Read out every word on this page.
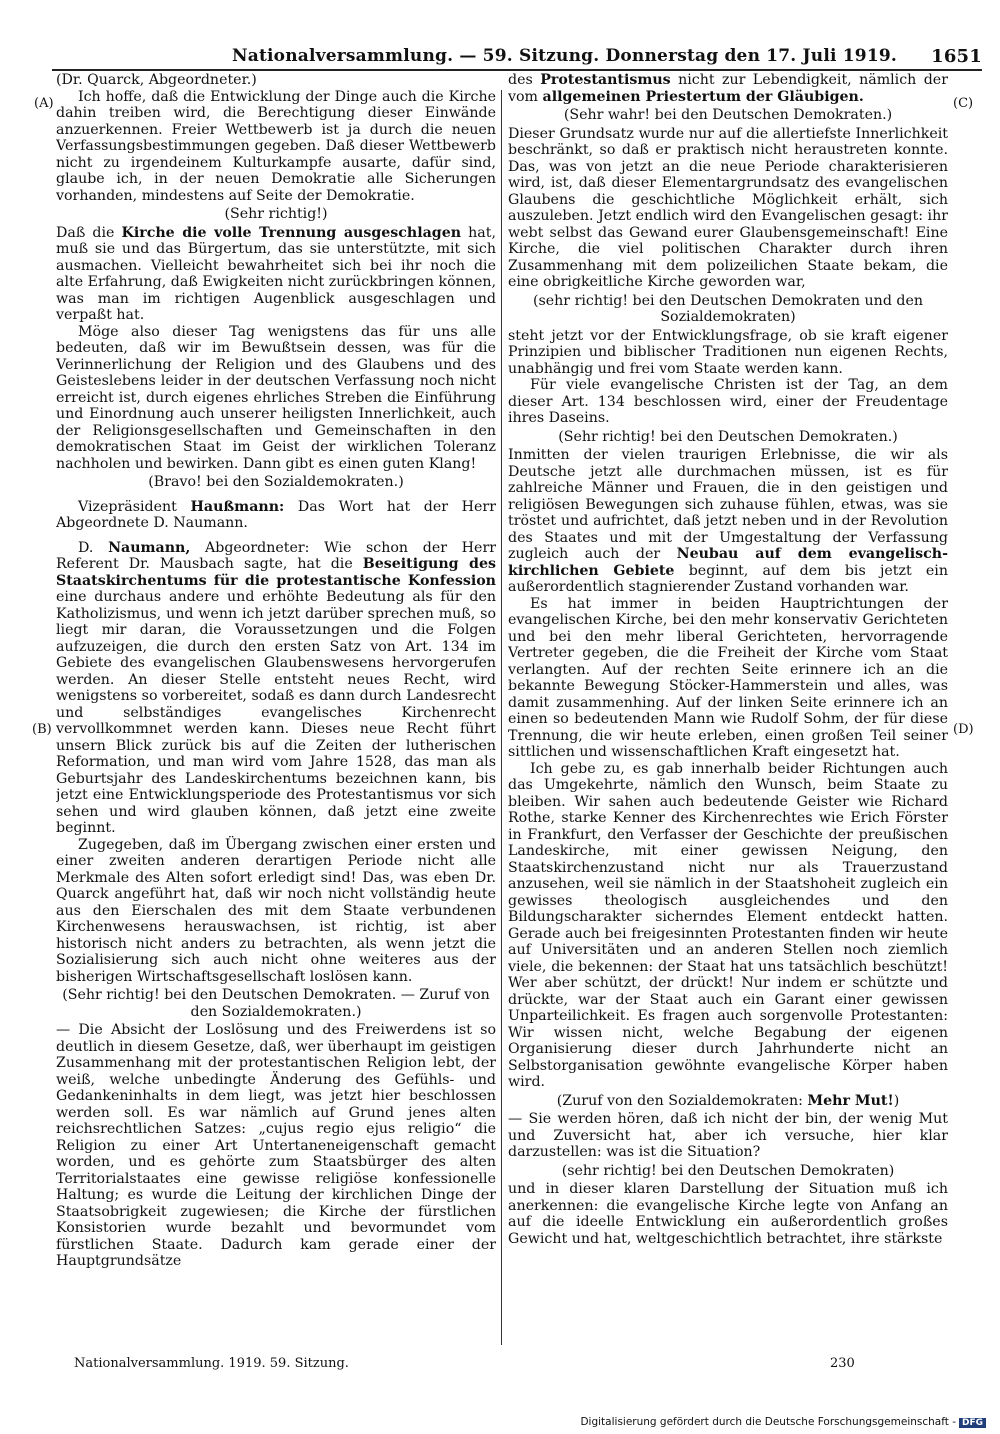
Nationalversammlung. — 59. Sitzung. Donnerstag den 17. Juli 1919. 1651
(A)
(B)
(C)
(D)

(Dr. Quarck, Abgeordneter.)

Ich hoffe, daß die Entwicklung der Dinge auch die Kirche dahin treiben wird, die Berechtigung dieser Einwände anzuerkennen. Freier Wettbewerb ist ja durch die neuen Verfassungsbestimmungen gegeben. Daß dieser Wettbewerb nicht zu irgendeinem Kulturkampfe ausarte, dafür sind, glaube ich, in der neuen Demokratie alle Sicherungen vorhanden, mindestens auf Seite der Demokratie.

(Sehr richtig!)

Daß die Kirche die volle Trennung ausgeschlagen hat, muß sie und das Bürgertum, das sie unterstützte, mit sich ausmachen. Vielleicht bewahrheitet sich bei ihr noch die alte Erfahrung, daß Ewigkeiten nicht zurückbringen können, was man im richtigen Augenblick ausgeschlagen und verpaßt hat.

Möge also dieser Tag wenigstens das für uns alle bedeuten, daß wir im Bewußtsein dessen, was für die Verinnerlichung der Religion und des Glaubens und des Geisteslebens leider in der deutschen Verfassung noch nicht erreicht ist, durch eigenes ehrliches Streben die Einführung und Einordnung auch unserer heiligsten Innerlichkeit, auch der Religionsgesellschaften und Gemeinschaften in den demokratischen Staat im Geist der wirklichen Toleranz nachholen und bewirken. Dann gibt es einen guten Klang!

(Bravo! bei den Sozialdemokraten.)

Vizepräsident Haußmann: Das Wort hat der Herr Abgeordnete D. Naumann.

D. Naumann, Abgeordneter: Wie schon der Herr Referent Dr. Mausbach sagte, hat die Beseitigung des Staatskirchentums für die protestantische Konfession eine durchaus andere und erhöhte Bedeutung als für den Katholizismus, und wenn ich jetzt darüber sprechen muß, so liegt mir daran, die Voraussetzungen und die Folgen aufzuzeigen, die durch den ersten Satz von Art. 134 im Gebiete des evangelischen Glaubenswesens hervorgerufen werden. An dieser Stelle entsteht neues Recht, wird wenigstens so vorbereitet, sodaß es dann durch Landesrecht und selbständiges evangelisches Kirchenrecht vervollkommnet werden kann. Dieses neue Recht führt unsern Blick zurück bis auf die Zeiten der lutherischen Reformation, und man wird vom Jahre 1528, das man als Geburtsjahr des Landeskirchentums bezeichnen kann, bis jetzt eine Entwicklungsperiode des Protestantismus vor sich sehen und wird glauben können, daß jetzt eine zweite beginnt.

Zugegeben, daß im Übergang zwischen einer ersten und einer zweiten anderen derartigen Periode nicht alle Merkmale des Alten sofort erledigt sind! Das, was eben Dr. Quarck angeführt hat, daß wir noch nicht vollständig heute aus den Eierschalen des mit dem Staate verbundenen Kirchenwesens herauswachsen, ist richtig, ist aber historisch nicht anders zu betrachten, als wenn jetzt die Sozialisierung sich auch nicht ohne weiteres aus der bisherigen Wirtschaftsgesellschaft loslösen kann.

(Sehr richtig! bei den Deutschen Demokraten. — Zuruf von den Sozialdemokraten.)

— Die Absicht der Loslösung und des Freiwerdens ist so deutlich in diesem Gesetze, daß, wer überhaupt im geistigen Zusammenhang mit der protestantischen Religion lebt, der weiß, welche unbedingte Änderung des Gefühls- und Gedankeninhalts in dem liegt, was jetzt hier beschlossen werden soll. Es war nämlich auf Grund jenes alten reichsrechtlichen Satzes: „cujus regio ejus religio“ die Religion zu einer Art Untertaneneigenschaft gemacht worden, und es gehörte zum Staatsbürger des alten Territorialstaates eine gewisse religiöse konfessionelle Haltung; es wurde die Leitung der kirchlichen Dinge der Staatsobrigkeit zugewiesen; die Kirche der fürstlichen Konsistorien wurde bezahlt und bevormundet vom fürstlichen Staate. Dadurch kam gerade einer der Hauptgrundsätze

des Protestantismus nicht zur Lebendigkeit, nämlich der vom allgemeinen Priestertum der Gläubigen.

(Sehr wahr! bei den Deutschen Demokraten.)

Dieser Grundsatz wurde nur auf die allertiefste Innerlichkeit beschränkt, so daß er praktisch nicht heraustreten konnte. Das, was von jetzt an die neue Periode charakterisieren wird, ist, daß dieser Elementargrundsatz des evangelischen Glaubens die geschichtliche Möglichkeit erhält, sich auszuleben. Jetzt endlich wird den Evangelischen gesagt: ihr webt selbst das Gewand eurer Glaubensgemeinschaft! Eine Kirche, die viel politischen Charakter durch ihren Zusammenhang mit dem polizeilichen Staate bekam, die eine obrigkeitliche Kirche geworden war,

(sehr richtig! bei den Deutschen Demokraten und den Sozialdemokraten)

steht jetzt vor der Entwicklungsfrage, ob sie kraft eigener Prinzipien und biblischer Traditionen nun eigenen Rechts, unabhängig und frei vom Staate werden kann.

Für viele evangelische Christen ist der Tag, an dem dieser Art. 134 beschlossen wird, einer der Freudentage ihres Daseins.

(Sehr richtig! bei den Deutschen Demokraten.)

Inmitten der vielen traurigen Erlebnisse, die wir als Deutsche jetzt alle durchmachen müssen, ist es für zahlreiche Männer und Frauen, die in den geistigen und religiösen Bewegungen sich zuhause fühlen, etwas, was sie tröstet und aufrichtet, daß jetzt neben und in der Revolution des Staates und mit der Umgestaltung der Verfassung zugleich auch der Neubau auf dem evangelisch-kirchlichen Gebiete beginnt, auf dem bis jetzt ein außerordentlich stagnierender Zustand vorhanden war.

Es hat immer in beiden Hauptrichtungen der evangelischen Kirche, bei den mehr konservativ Gerichteten und bei den mehr liberal Gerichteten, hervorragende Vertreter gegeben, die die Freiheit der Kirche vom Staat verlangten. Auf der rechten Seite erinnere ich an die bekannte Bewegung Stöcker-Hammerstein und alles, was damit zusammenhing. Auf der linken Seite erinnere ich an einen so bedeutenden Mann wie Rudolf Sohm, der für diese Trennung, die wir heute erleben, einen großen Teil seiner sittlichen und wissenschaftlichen Kraft eingesetzt hat.

Ich gebe zu, es gab innerhalb beider Richtungen auch das Umgekehrte, nämlich den Wunsch, beim Staate zu bleiben. Wir sahen auch bedeutende Geister wie Richard Rothe, starke Kenner des Kirchenrechtes wie Erich Förster in Frankfurt, den Verfasser der Geschichte der preußischen Landeskirche, mit einer gewissen Neigung, den Staatskirchenzustand nicht nur als Trauerzustand anzusehen, weil sie nämlich in der Staatshoheit zugleich ein gewisses theologisch ausgleichendes und den Bildungscharakter sicherndes Element entdeckt hatten. Gerade auch bei freigesinnten Protestanten finden wir heute auf Universitäten und an anderen Stellen noch ziemlich viele, die bekennen: der Staat hat uns tatsächlich beschützt! Wer aber schützt, der drückt! Nur indem er schützte und drückte, war der Staat auch ein Garant einer gewissen Unparteilichkeit. Es fragen auch sorgenvolle Protestanten: Wir wissen nicht, welche Begabung der eigenen Organisierung dieser durch Jahrhunderte nicht an Selbstorganisation gewöhnte evangelische Körper haben wird.

(Zuruf von den Sozialdemokraten: Mehr Mut!)

— Sie werden hören, daß ich nicht der bin, der wenig Mut und Zuversicht hat, aber ich versuche, hier klar darzustellen: was ist die Situation?

(sehr richtig! bei den Deutschen Demokraten)

und in dieser klaren Darstellung der Situation muß ich anerkennen: die evangelische Kirche legte von Anfang an auf die ideelle Entwicklung ein außerordentlich großes Gewicht und hat, weltgeschichtlich betrachtet, ihre stärkste

Nationalversammlung. 1919. 59. Sitzung.	230
Digitalisierung gefördert durch die Deutsche Forschungsgemeinschaft - DFG
